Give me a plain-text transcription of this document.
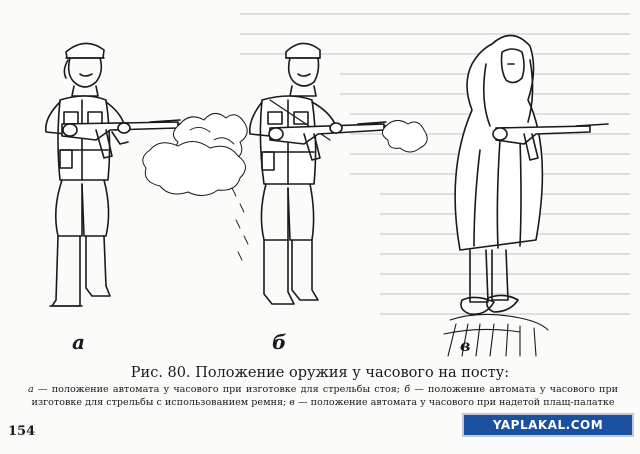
а	б	в
Рис. 80. Положение оружия у часового на посту:
а — положение автомата у часового при изготовке для стрельбы стоя; б — положение автомата у часового при изготовке для стрельбы с использованием ремня; в — положение автомата у часового при надетой плащ-палатке
154	YAPLAKAL.COM
